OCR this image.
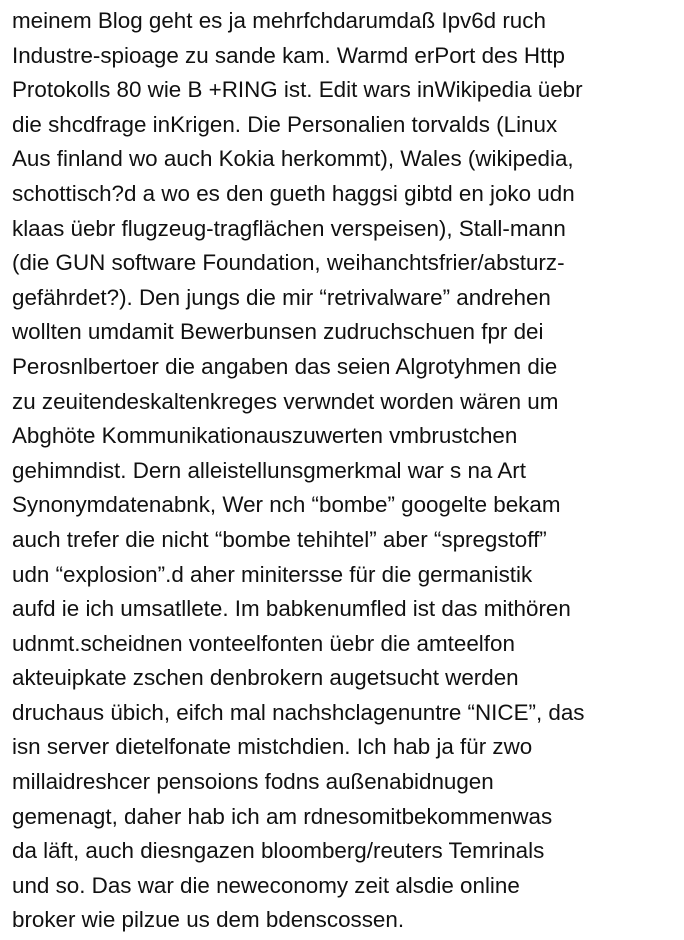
meinem Blog geht es ja mehrfchdarumdaß Ipv6d ruch
Industre-spioage zu sande kam. Warmd erPort des Http
Protokolls 80 wie B +RING ist. Edit wars inWikipedia üebr
die shcdfrage inKrigen. Die Personalien torvalds (Linux
Aus finland wo auch Kokia herkommt), Wales (wikipedia,
schottisch?d a wo es den gueth haggsi gibtd en joko udn
klaas üebr flugzeug-tragflächen verspeisen), Stall-mann
(die GUN software Foundation, weihanchtsfrier/absturz-
gefährdet?). Den jungs die mir “retrivalware” andrehen
wollten umdamit Bewerbunsen zudruchschuen fpr dei
Perosnlbertoer die angaben das seien Algrotyhmen die
zu zeuitendeskaltenkreges verwndet worden wären um
Abghöte Kommunikationauszuwerten vmbrustchen
gehimndist. Dern alleistellunsgmerkmal war s na Art
Synonymdatenabnk, Wer nch “bombe” googelte bekam
auch trefer die nicht “bombe tehihtel” aber “spregstoff”
udn “explosion”.d aher minitersse für die germanistik
aufd ie ich umsatllete. Im babkenumfled ist das mithören
udnmt.scheidnen vonteelfonten üebr die amteelfon
akteuipkate zschen denbrokern augetsucht werden
druchaus übich, eifch mal nachshclagenuntre “NICE”, das
isn server dietelfonate mistchdien. Ich hab ja für zwo
millaidreshcer pensoions fodns außenabidnugen
gemenagt, daher hab ich am rdnesomitbekommenwas
da läft, auch diesngazen bloomberg/reuters Temrinals
und so. Das war die neweconomy zeit alsdie online
broker wie pilzue us dem bdenscossen.
